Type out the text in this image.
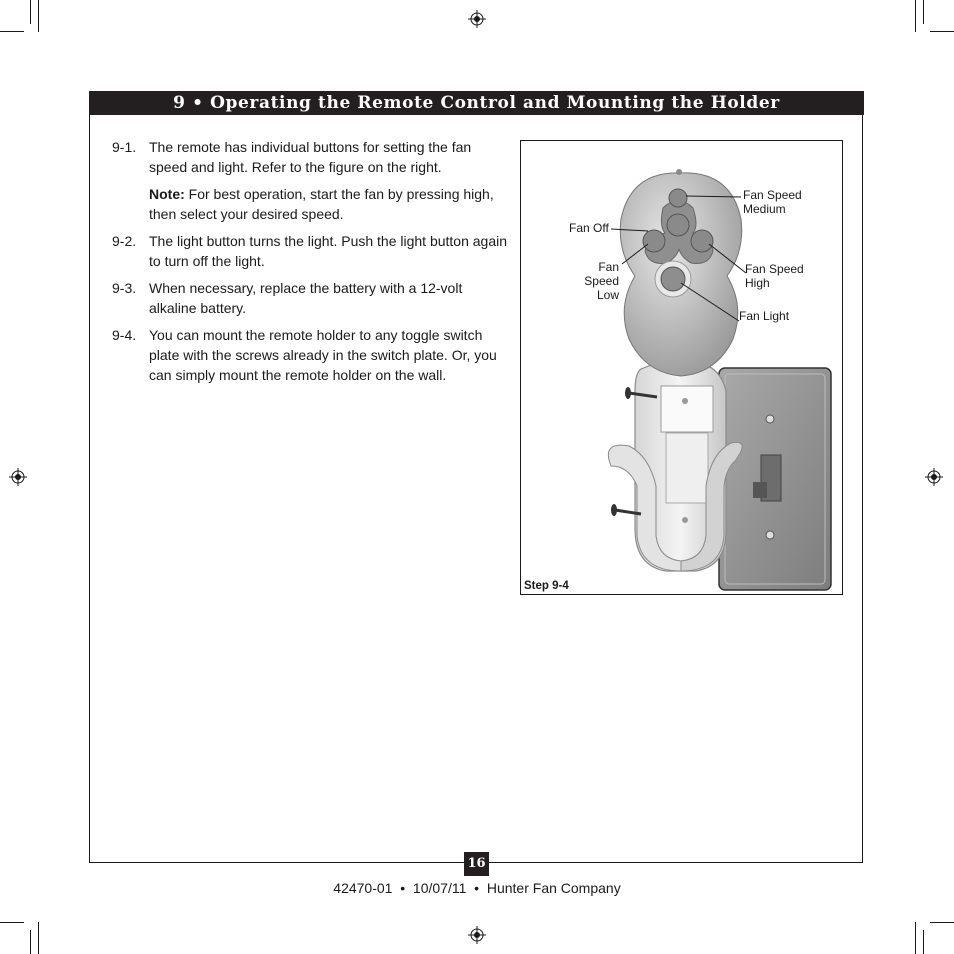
9 • Operating the Remote Control and Mounting the Holder
9-1. The remote has individual buttons for setting the fan speed and light. Refer to the figure on the right.
Note: For best operation, start the fan by pressing high, then select your desired speed.
9-2. The light button turns the light. Push the light button again to turn off the light.
9-3. When necessary, replace the battery with a 12-volt alkaline battery.
9-4. You can mount the remote holder to any toggle switch plate with the screws already in the switch plate. Or, you can simply mount the remote holder on the wall.
Fan Speed
Medium
Fan Off
Fan Speed
Low
Fan Speed
High
Fan Light
Step 9-4
16
42470-01 • 10/07/11 • Hunter Fan Company
